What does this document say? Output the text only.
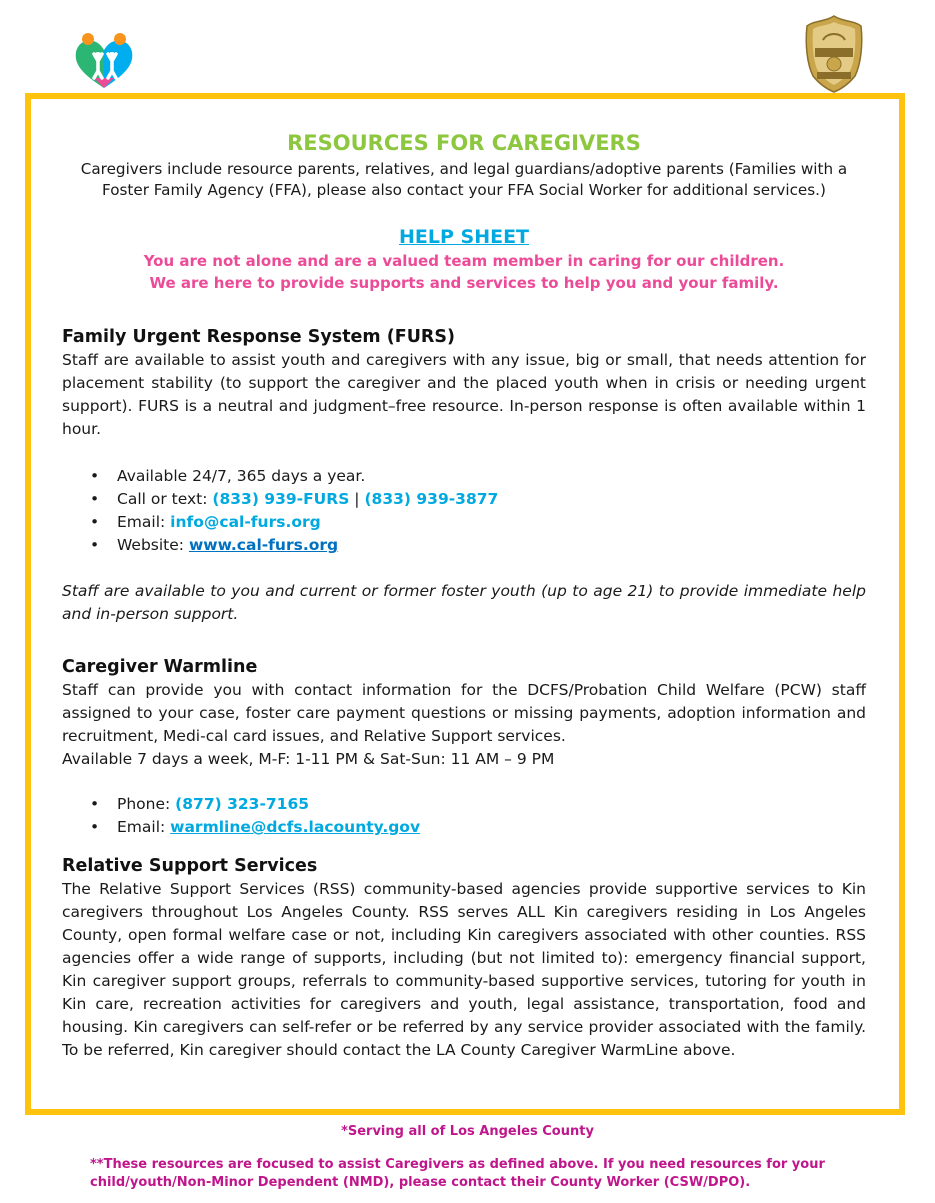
RESOURCES FOR CAREGIVERS

Caregivers include resource parents, relatives, and legal guardians/adoptive parents (Families with a Foster Family Agency (FFA), please also contact your FFA Social Worker for additional services.)

HELP SHEET

You are not alone and are a valued team member in caring for our children.

We are here to provide supports and services to help you and your family.

Family Urgent Response System (FURS)

Staff are available to assist youth and caregivers with any issue, big or small, that needs attention for placement stability (to support the caregiver and the placed youth when in crisis or needing urgent support). FURS is a neutral and judgment–free resource. In-person response is often available within 1 hour.

• Available 24/7, 365 days a year.
• Call or text: (833) 939-FURS | (833) 939-3877
• Email: info@cal-furs.org
• Website: www.cal-furs.org

Staff are available to you and current or former foster youth (up to age 21) to provide immediate help and in-person support.

Caregiver Warmline

Staff can provide you with contact information for the DCFS/Probation Child Welfare (PCW) staff assigned to your case, foster care payment questions or missing payments, adoption information and recruitment, Medi-cal card issues, and Relative Support services.

Available 7 days a week, M-F: 1-11 PM & Sat-Sun: 11 AM – 9 PM

• Phone: (877) 323-7165
• Email: warmline@dcfs.lacounty.gov
Relative Support Services

The Relative Support Services (RSS) community-based agencies provide supportive services to Kin caregivers throughout Los Angeles County. RSS serves ALL Kin caregivers residing in Los Angeles County, open formal welfare case or not, including Kin caregivers associated with other counties. RSS agencies offer a wide range of supports, including (but not limited to): emergency financial support, Kin caregiver support groups, referrals to community-based supportive services, tutoring for youth in Kin care, recreation activities for caregivers and youth, legal assistance, transportation, food and housing. Kin caregivers can self-refer or be referred by any service provider associated with the family. To be referred, Kin caregiver should contact the LA County Caregiver WarmLine above.

*Serving all of Los Angeles County
**These resources are focused to assist Caregivers as defined above. If you need resources for your child/youth/Non-Minor Dependent (NMD), please contact their County Worker (CSW/DPO).
